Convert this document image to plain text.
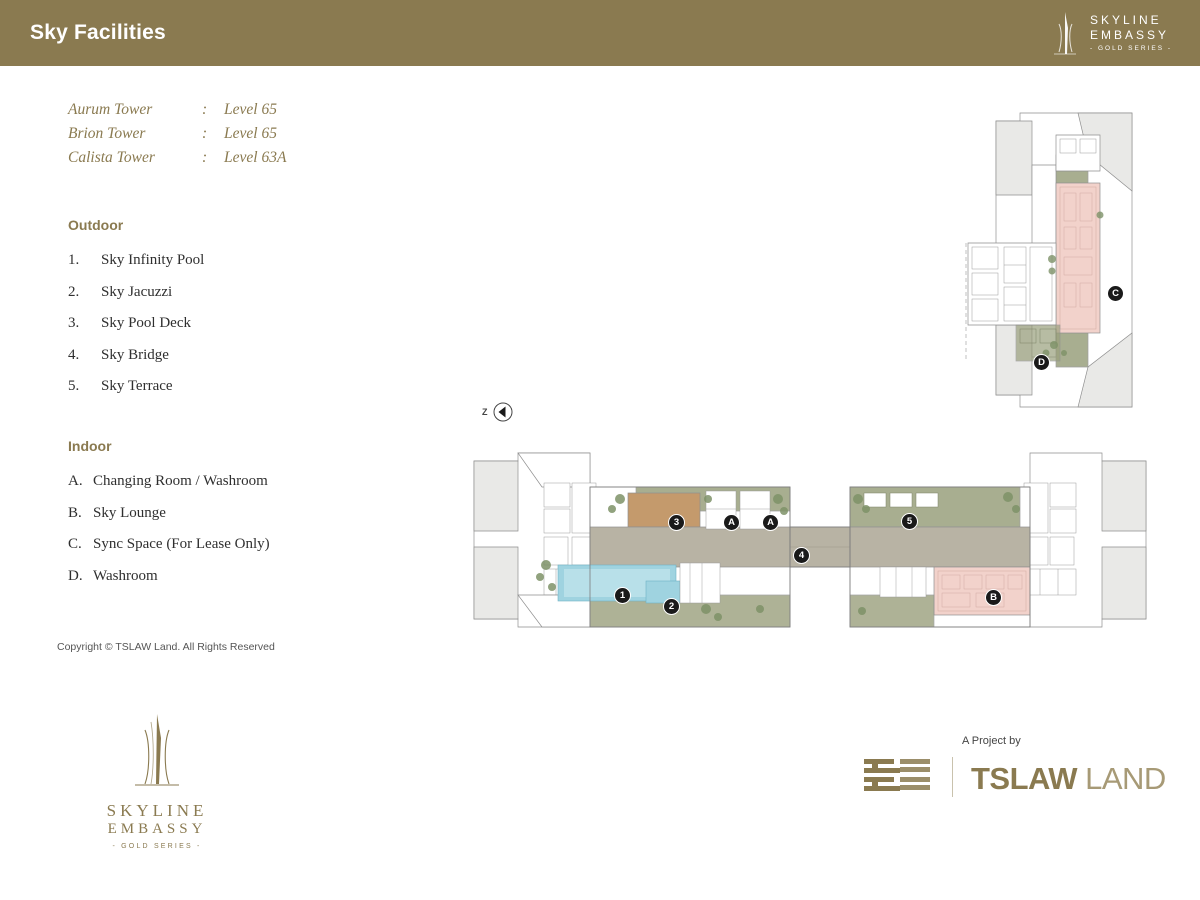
Sky Facilities
SKYLINE
EMBASSY
- GOLD SERIES -
Aurum Tower	:	Level 65
Brion Tower	:	Level 65
Calista Tower	:	Level 63A
Outdoor
1.	Sky Infinity Pool
2.	Sky Jacuzzi
3.	Sky Pool Deck
4.	Sky Bridge
5.	Sky Terrace
Indoor
A. Changing Room / Washroom
B. Sky Lounge
C. Sync Space (For Lease Only)
D. Washroom
Copyright © TSLAW Land. All Rights Reserved
SKYLINE
EMBASSY
- GOLD SERIES -
A Project by
TSLAW LAND
Z
C
D
3	A	A	5
4
1
2
B
